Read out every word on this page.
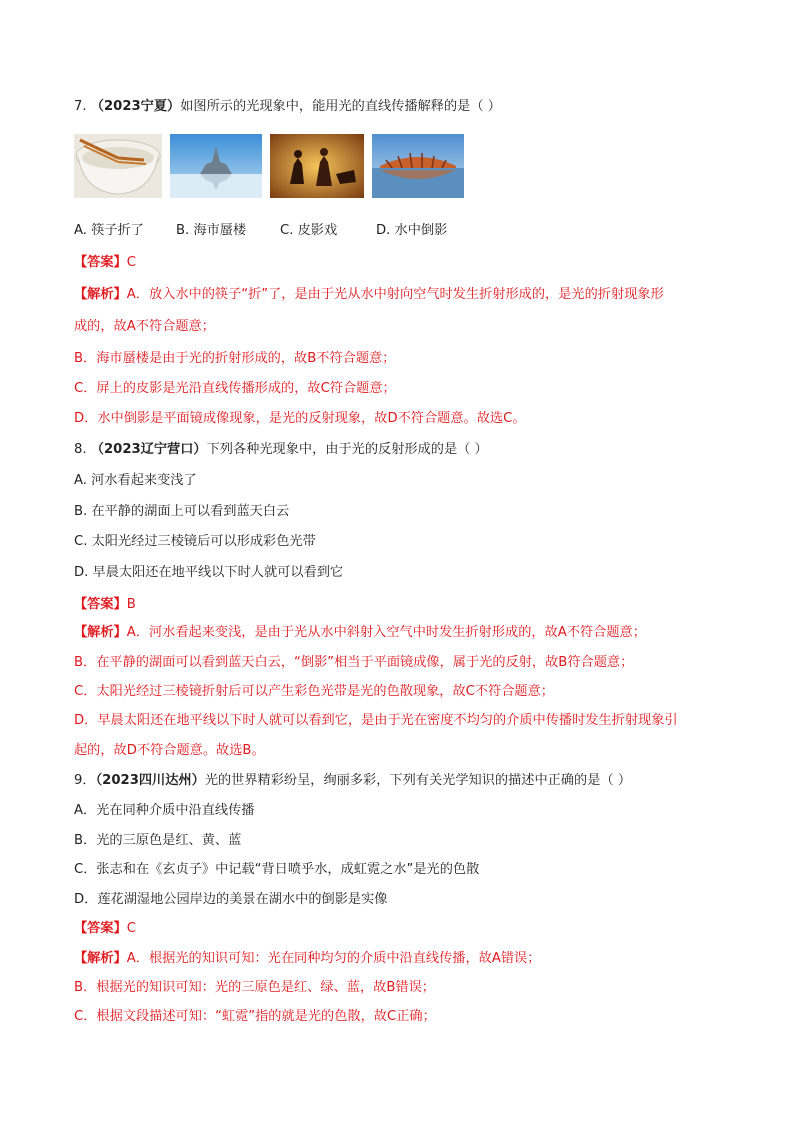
7. （2023宁夏）如图所示的光现象中，能用光的直线传播解释的是（ ）
A. 筷子折了 B. 海市蜃楼	C. 皮影戏	D. 水中倒影
【答案】C
【解析】A．放入水中的筷子“折”了，是由于光从水中射向空气时发生折射形成的，是光的折射现象形
成的，故A不符合题意；
B．海市蜃楼是由于光的折射形成的，故B不符合题意；
C．屏上的皮影是光沿直线传播形成的，故C符合题意；
D．水中倒影是平面镜成像现象，是光的反射现象，故D不符合题意。故选C。
8. （2023辽宁营口）下列各种光现象中，由于光的反射形成的是（ ）
A. 河水看起来变浅了
B. 在平静的湖面上可以看到蓝天白云
C. 太阳光经过三棱镜后可以形成彩色光带
D. 早晨太阳还在地平线以下时人就可以看到它
【答案】B
【解析】A．河水看起来变浅，是由于光从水中斜射入空气中时发生折射形成的，故A不符合题意；
B．在平静的湖面可以看到蓝天白云，“倒影”相当于平面镜成像，属于光的反射，故B符合题意；
C．太阳光经过三棱镜折射后可以产生彩色光带是光的色散现象，故C不符合题意；
D．早晨太阳还在地平线以下时人就可以看到它，是由于光在密度不均匀的介质中传播时发生折射现象引
起的，故D不符合题意。故选B。
9．（2023四川达州）光的世界精彩纷呈，绚丽多彩，下列有关光学知识的描述中正确的是（ ）
A．光在同种介质中沿直线传播
B．光的三原色是红、黄、蓝
C．张志和在《玄贞子》中记载“背日喷乎水，成虹霓之水”是光的色散
D．莲花湖湿地公园岸边的美景在湖水中的倒影是实像
【答案】C
【解析】A．根据光的知识可知：光在同种均匀的介质中沿直线传播，故A错误；
B．根据光的知识可知：光的三原色是红、绿、蓝，故B错误；
C．根据文段描述可知：“虹霓”指的就是光的色散，故C正确；
